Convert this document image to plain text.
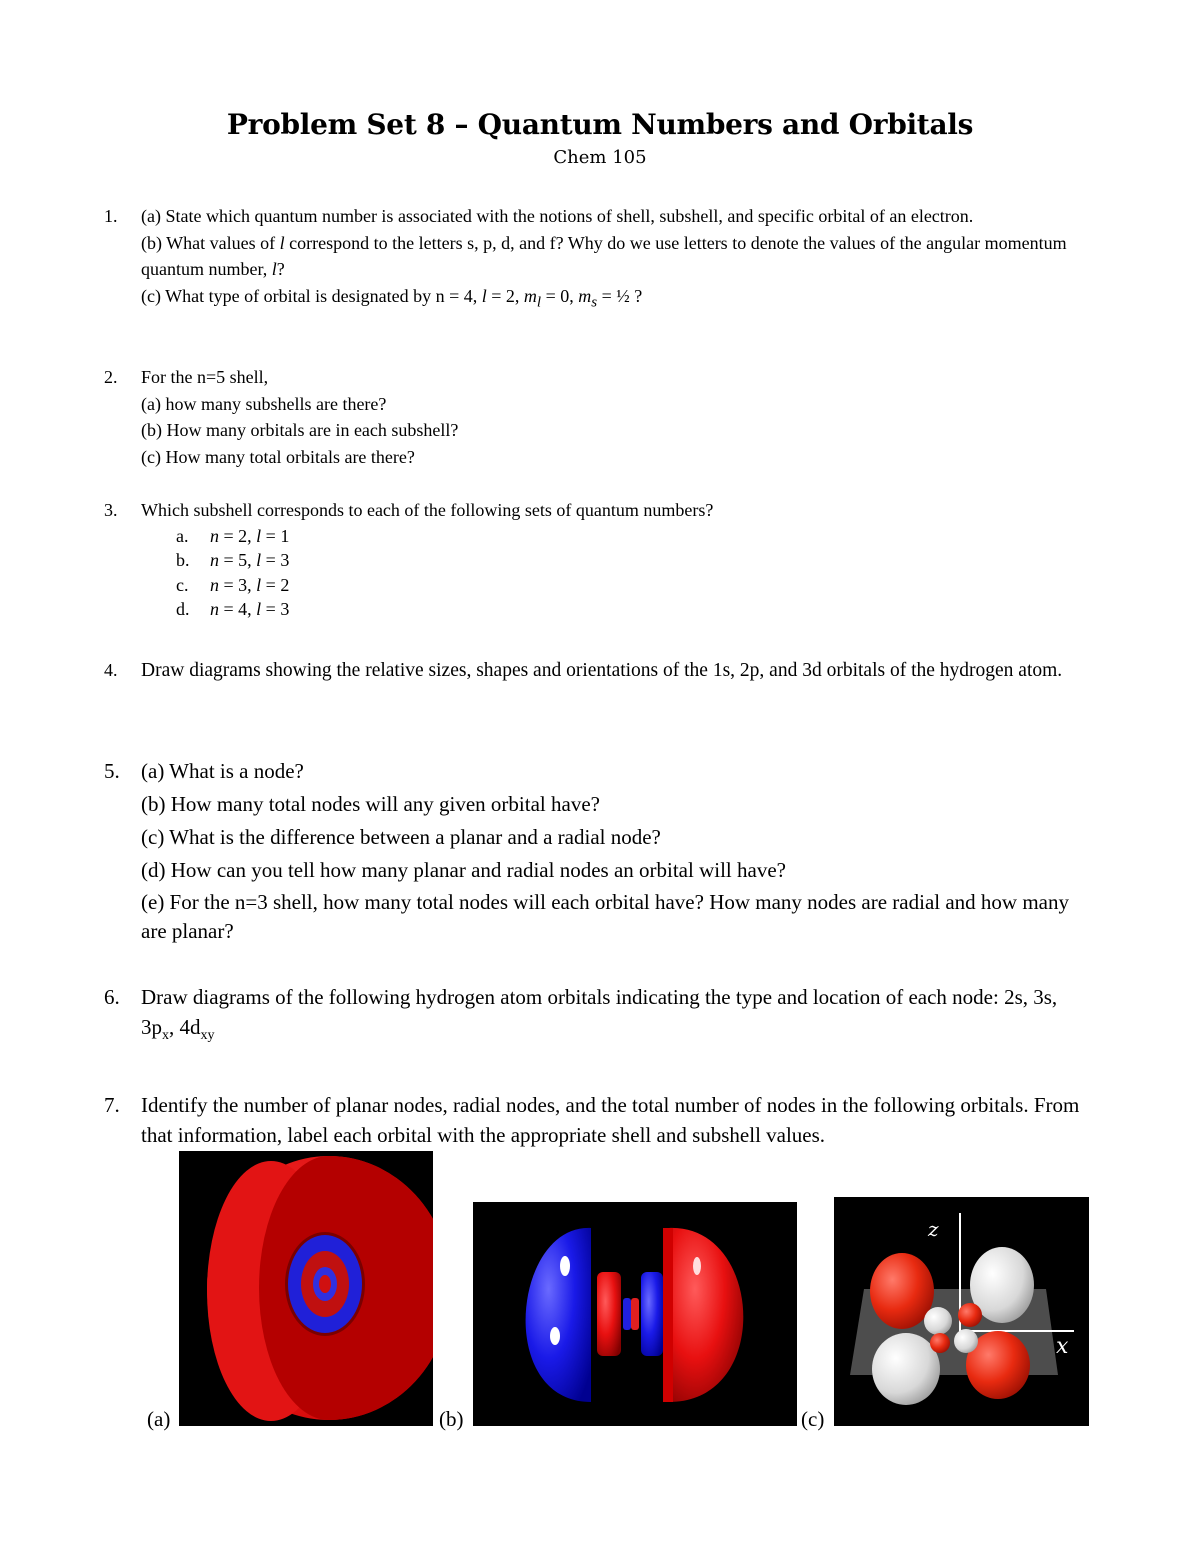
Problem Set 8 – Quantum Numbers and Orbitals
Chem 105
1. (a) State which quantum number is associated with the notions of shell, subshell, and specific orbital of an electron.
(b) What values of l correspond to the letters s, p, d, and f? Why do we use letters to denote the values of the angular momentum quantum number, l?
(c) What type of orbital is designated by n = 4, l = 2, $m_l = 0$, $m_s$ = ½ ?
2. For the n=5 shell,
(a) how many subshells are there?
(b) How many orbitals are in each subshell?
(c) How many total orbitals are there?
3. Which subshell corresponds to each of the following sets of quantum numbers?
a. n = 2, l = 1
b. n = 5, l = 3
c. n = 3, l = 2
d. n = 4, l = 3
4. Draw diagrams showing the relative sizes, shapes and orientations of the 1s, 2p, and 3d orbitals of the hydrogen atom.
5. (a) What is a node?
(b) How many total nodes will any given orbital have?
(c) What is the difference between a planar and a radial node?
(d) How can you tell how many planar and radial nodes an orbital will have?
(e) For the n=3 shell, how many total nodes will each orbital have? How many nodes are radial and how many are planar?
6. Draw diagrams of the following hydrogen atom orbitals indicating the type and location of each node: 2s, 3s, $3p_x$, $4d_{xy}$
7. Identify the number of planar nodes, radial nodes, and the total number of nodes in the following orbitals. From that information, label each orbital with the appropriate shell and subshell values.
(a)	(b)	(c)
z
x
